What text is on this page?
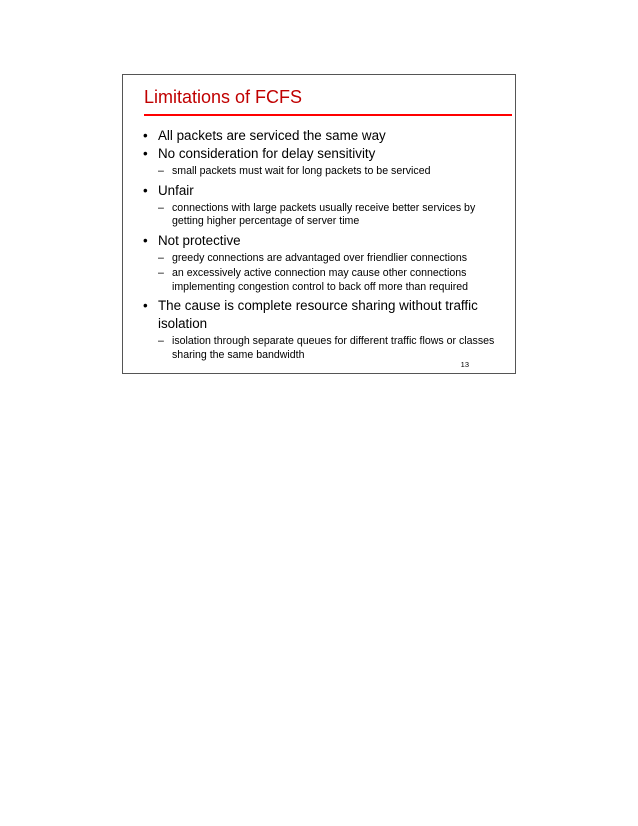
Limitations of FCFS
• All packets are serviced the same way
• No consideration for delay sensitivity
– small packets must wait for long packets to be serviced
• Unfair
– connections with large packets usually receive better services by getting higher percentage of server time
• Not protective
– greedy connections are advantaged over friendlier connections
– an excessively active connection may cause other connections implementing congestion control to back off more than required
• The cause is complete resource sharing without traffic isolation
– isolation through separate queues for different traffic flows or classes sharing the same bandwidth
13
